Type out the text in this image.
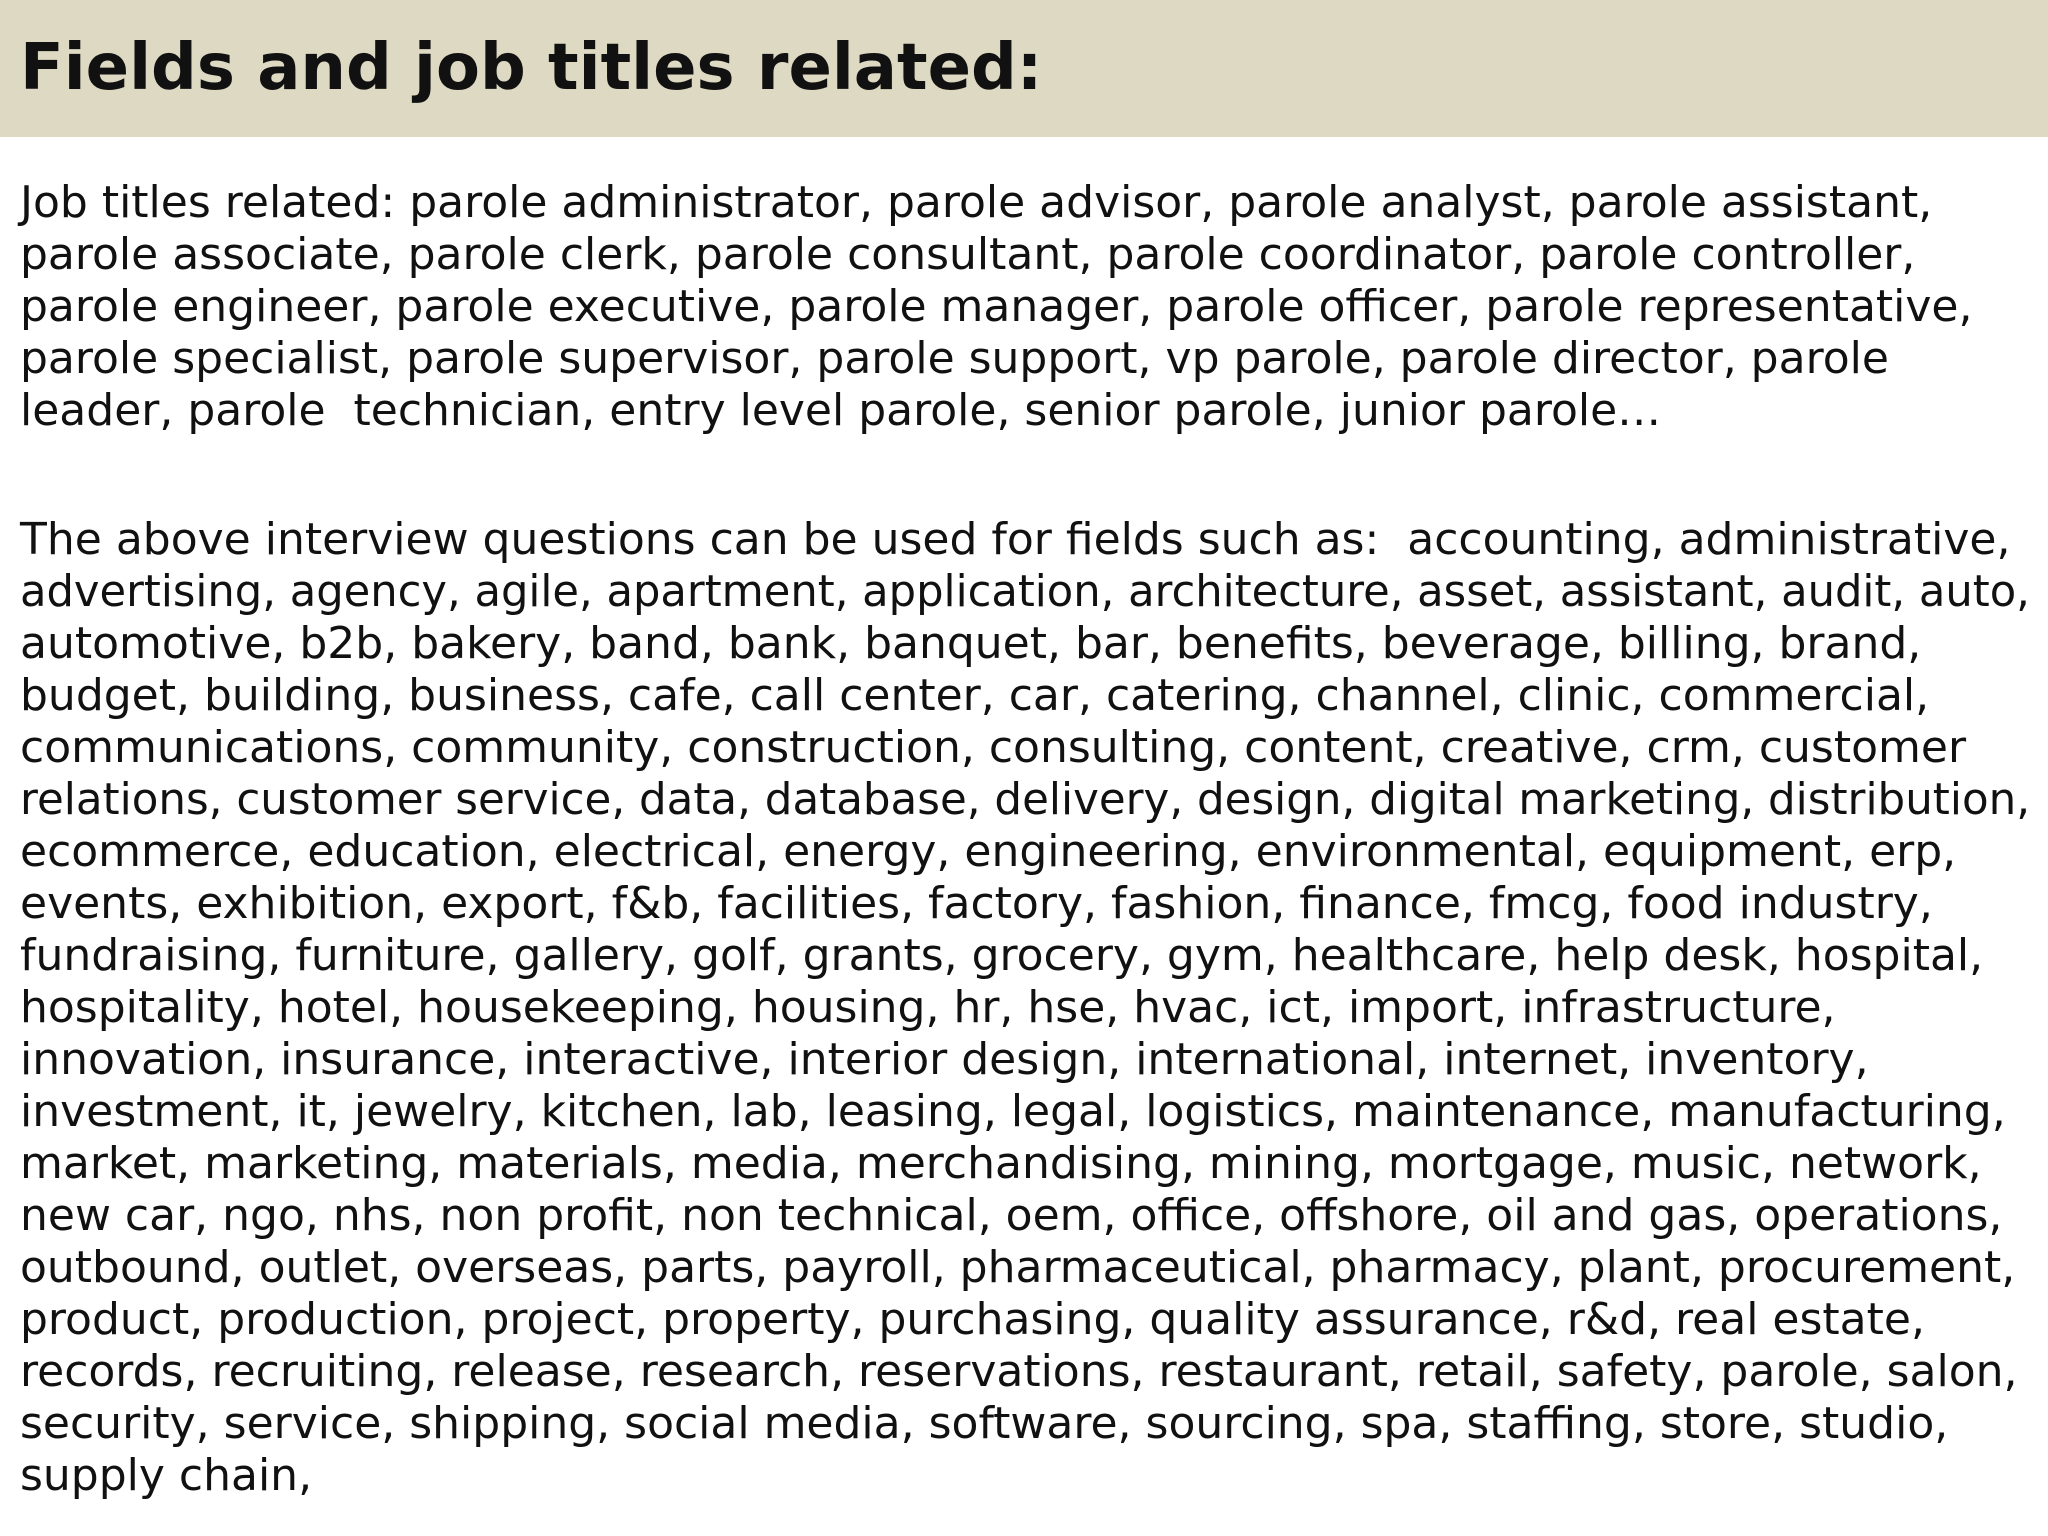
Fields and job titles related:
Job titles related: parole administrator, parole advisor, parole analyst, parole assistant,
parole associate, parole clerk, parole consultant, parole coordinator, parole controller,
parole engineer, parole executive, parole manager, parole officer, parole representative,
parole specialist, parole supervisor, parole support, vp parole, parole director, parole
leader, parole  technician, entry level parole, senior parole, junior parole…
The above interview questions can be used for fields such as:  accounting, administrative,
advertising, agency, agile, apartment, application, architecture, asset, assistant, audit, auto,
automotive, b2b, bakery, band, bank, banquet, bar, benefits, beverage, billing, brand,
budget, building, business, cafe, call center, car, catering, channel, clinic, commercial,
communications, community, construction, consulting, content, creative, crm, customer
relations, customer service, data, database, delivery, design, digital marketing, distribution,
ecommerce, education, electrical, energy, engineering, environmental, equipment, erp,
events, exhibition, export, f&b, facilities, factory, fashion, finance, fmcg, food industry,
fundraising, furniture, gallery, golf, grants, grocery, gym, healthcare, help desk, hospital,
hospitality, hotel, housekeeping, housing, hr, hse, hvac, ict, import, infrastructure,
innovation, insurance, interactive, interior design, international, internet, inventory,
investment, it, jewelry, kitchen, lab, leasing, legal, logistics, maintenance, manufacturing,
market, marketing, materials, media, merchandising, mining, mortgage, music, network,
new car, ngo, nhs, non profit, non technical, oem, office, offshore, oil and gas, operations,
outbound, outlet, overseas, parts, payroll, pharmaceutical, pharmacy, plant, procurement,
product, production, project, property, purchasing, quality assurance, r&d, real estate,
records, recruiting, release, research, reservations, restaurant, retail, safety, parole, salon,
security, service, shipping, social media, software, sourcing, spa, staffing, store, studio,
supply chain,
